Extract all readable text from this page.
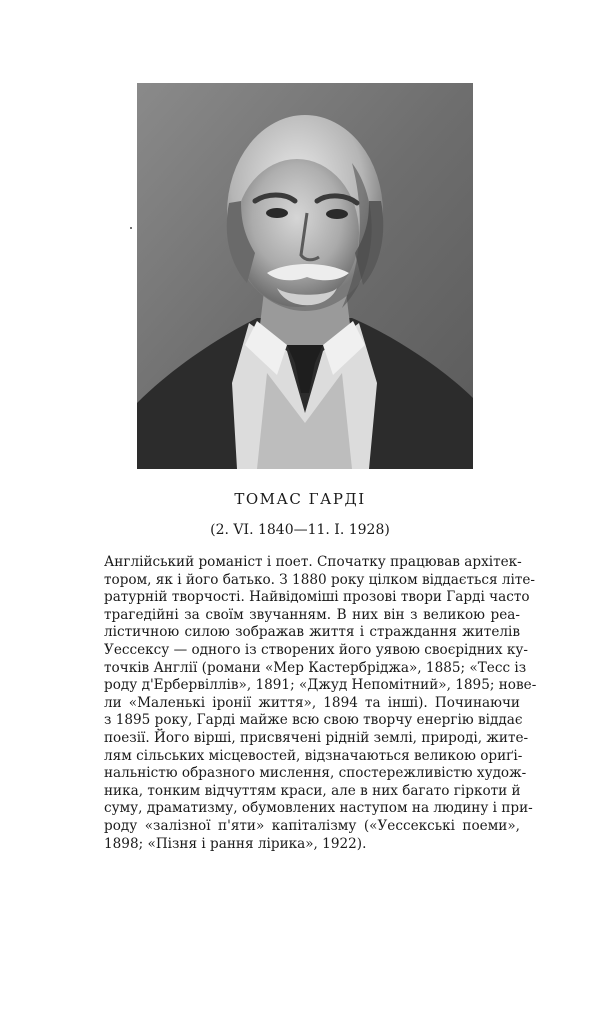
ТОМАС ГАРДІ
(2. VI. 1840—11. I. 1928)

Англійський романіст і поет. Спочатку працював архітек-
тором, як і його батько. З 1880 року цілком віддається літе-
ратурній творчості. Найвідоміші прозові твори Гарді часто
трагедійні за своїм звучанням. В них він з великою реа-
лістичною силою зображав життя і страждання жителів
Уессексу — одного із створених його уявою своєрідних ку-
точків Англії (романи «Мер Кастербріджа», 1885; «Тесс із
роду д'Ербервіллів», 1891; «Джуд Непомітний», 1895; нове-
ли «Маленькі іронії життя», 1894 та інші). Починаючи
з 1895 року, Гарді майже всю свою творчу енергію віддає
поезії. Його вірші, присвячені рідній землі, природі, жите-
лям сільських місцевостей, відзначаються великою ориґі-
нальністю образного мислення, спостережливістю худож-
ника, тонким відчуттям краси, але в них багато гіркоти й
суму, драматизму, обумовлених наступом на людину і при-
роду «залізної п'яти» капіталізму («Уессекські поеми»,
1898; «Пізня і рання лірика», 1922).
